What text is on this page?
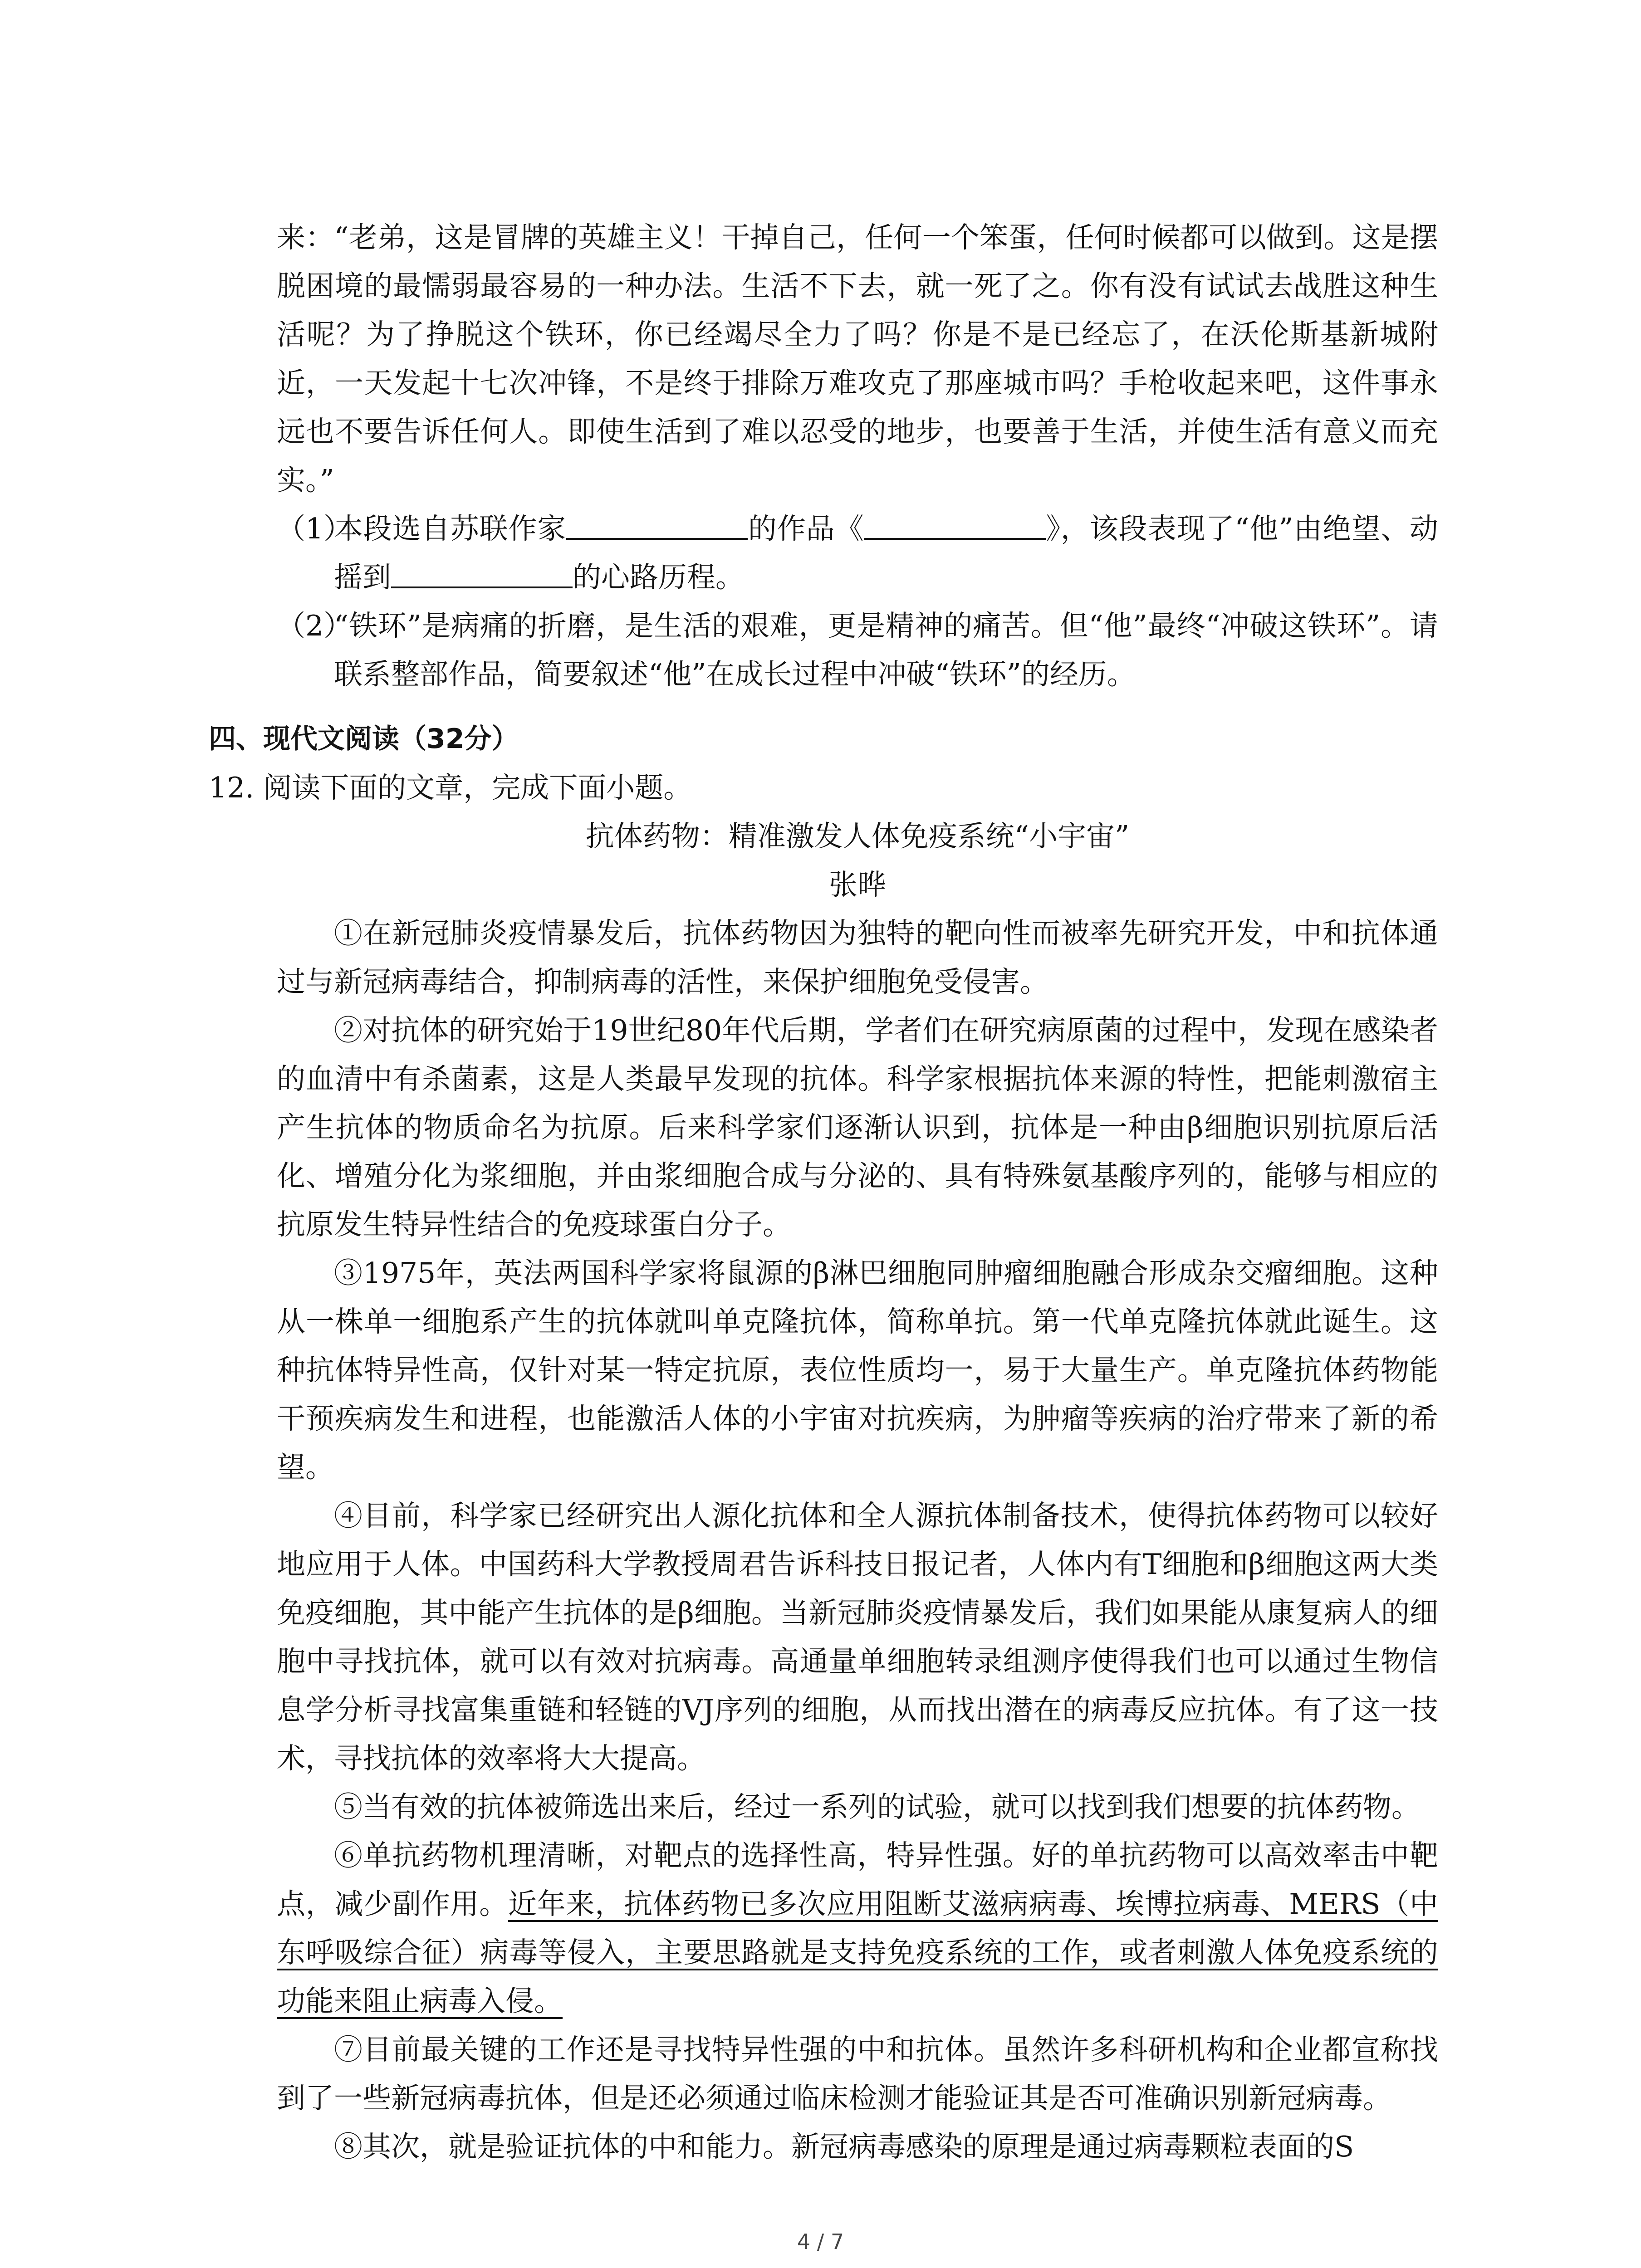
来：“老弟，这是冒牌的英雄主义！干掉自己，任何一个笨蛋，任何时候都可以做到。这是摆脱困境的最懦弱最容易的一种办法。生活不下去，就一死了之。你有没有试试去战胜这种生活呢？为了挣脱这个铁环，你已经竭尽全力了吗？你是不是已经忘了，在沃伦斯基新城附近，一天发起十七次冲锋，不是终于排除万难攻克了那座城市吗？手枪收起来吧，这件事永远也不要告诉任何人。即使生活到了难以忍受的地步，也要善于生活，并使生活有意义而充实。”

（1）本段选自苏联作家	的作品《	》，该段表现了“他”由绝望、动摇到	的心路历程。

（2）“铁环”是病痛的折磨，是生活的艰难，更是精神的痛苦。但“他”最终“冲破这铁环”。请联系整部作品，简要叙述“他”在成长过程中冲破“铁环”的经历。

四、现代文阅读（32分）

12. 阅读下面的文章，完成下面小题。

抗体药物：精准激发人体免疫系统“小宇宙”

张晔

①在新冠肺炎疫情暴发后，抗体药物因为独特的靶向性而被率先研究开发，中和抗体通过与新冠病毒结合，抑制病毒的活性，来保护细胞免受侵害。

②对抗体的研究始于19世纪80年代后期，学者们在研究病原菌的过程中，发现在感染者的血清中有杀菌素，这是人类最早发现的抗体。科学家根据抗体来源的特性，把能刺激宿主产生抗体的物质命名为抗原。后来科学家们逐渐认识到，抗体是一种由β细胞识别抗原后活化、增殖分化为浆细胞，并由浆细胞合成与分泌的、具有特殊氨基酸序列的，能够与相应的抗原发生特异性结合的免疫球蛋白分子。

③1975年，英法两国科学家将鼠源的β淋巴细胞同肿瘤细胞融合形成杂交瘤细胞。这种从一株单一细胞系产生的抗体就叫单克隆抗体，简称单抗。第一代单克隆抗体就此诞生。这种抗体特异性高，仅针对某一特定抗原，表位性质均一，易于大量生产。单克隆抗体药物能干预疾病发生和进程，也能激活人体的小宇宙对抗疾病，为肿瘤等疾病的治疗带来了新的希望。

④目前，科学家已经研究出人源化抗体和全人源抗体制备技术，使得抗体药物可以较好地应用于人体。中国药科大学教授周君告诉科技日报记者，人体内有T细胞和β细胞这两大类免疫细胞，其中能产生抗体的是β细胞。当新冠肺炎疫情暴发后，我们如果能从康复病人的细胞中寻找抗体，就可以有效对抗病毒。高通量单细胞转录组测序使得我们也可以通过生物信息学分析寻找富集重链和轻链的VJ序列的细胞，从而找出潜在的病毒反应抗体。有了这一技术，寻找抗体的效率将大大提高。

⑤当有效的抗体被筛选出来后，经过一系列的试验，就可以找到我们想要的抗体药物。

⑥单抗药物机理清晰，对靶点的选择性高，特异性强。好的单抗药物可以高效率击中靶点，减少副作用。近年来，抗体药物已多次应用阻断艾滋病病毒、埃博拉病毒、MERS（中东呼吸综合征）病毒等侵入，主要思路就是支持免疫系统的工作，或者刺激人体免疫系统的功能来阻止病毒入侵。

⑦目前最关键的工作还是寻找特异性强的中和抗体。虽然许多科研机构和企业都宣称找到了一些新冠病毒抗体，但是还必须通过临床检测才能验证其是否可准确识别新冠病毒。

⑧其次，就是验证抗体的中和能力。新冠病毒感染的原理是通过病毒颗粒表面的S

4 / 7
